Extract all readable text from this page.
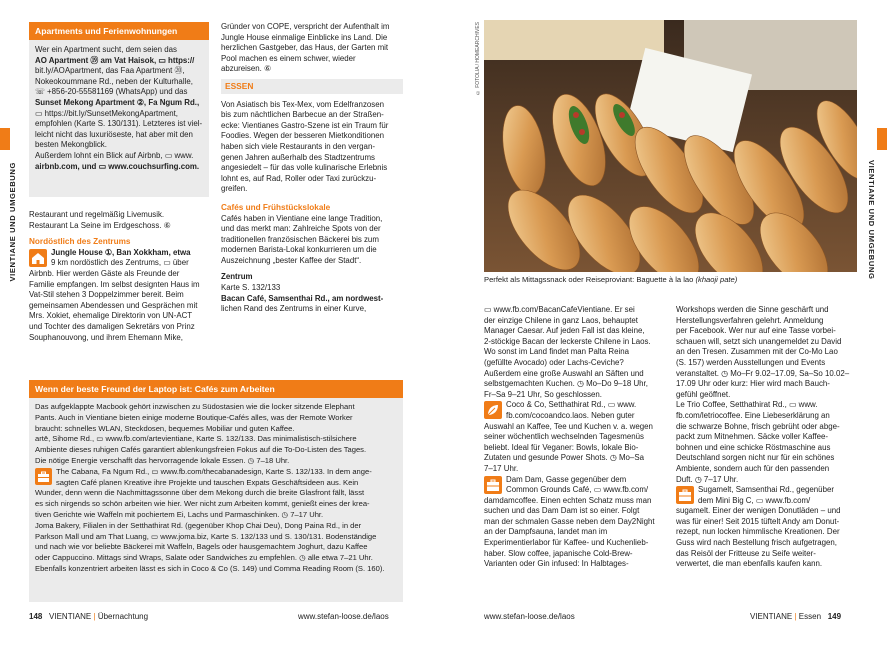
VIENTIANE UND UMGEBUNG
Apartments und Ferienwohnungen

Wer ein Apartment sucht, dem seien das

AO Apartment ⑲ am Vat Haisok, ▭ https://

bit.ly/AOApartment, das Faa Apartment ⑳,

Nokeokoummane Rd., neben der Kulturhalle,

☏ +856-20-55581169 (WhatsApp) und das

Sunset Mekong Apartment ②, Fa Ngum Rd.,

▭ https://bit.ly/SunsetMekongApartment,

empfohlen (Karte S. 130/131). Letzteres ist viel-

leicht nicht das luxuriöseste, hat aber mit den

besten Mekongblick.

Außerdem lohnt ein Blick auf Airbnb, ▭ www.

airbnb.com, und ▭ www.couchsurfing.com.

Restaurant und regelmäßig Livemusik.

Restaurant La Seine im Erdgeschoss. ⑥

Nordöstlich des Zentrums

Jungle House ①, Ban Xokkham, etwa

9 km nordöstlich des Zentrums, ▭ über

Airbnb. Hier werden Gäste als Freunde der

Familie empfangen. Im selbst designten Haus im

Vat-Stil stehen 3 Doppelzimmer bereit. Beim

gemeinsamen Abendessen und Gesprächen mit

Mrs. Xokiet, ehemalige Direktorin von UN-ACT

und Tochter des damaligen Sekretärs von Prinz

Souphanouvong, und ihrem Ehemann Mike,

Gründer von COPE, verspricht der Aufenthalt im

Jungle House einmalige Einblicke ins Land. Die

herzlichen Gastgeber, das Haus, der Garten mit

Pool machen es einem schwer, wieder

abzureisen. ⑥

ESSEN

Von Asiatisch bis Tex-Mex, vom Edelfranzosen

bis zum nächtlichen Barbecue an der Straßen-

ecke: Vientianes Gastro-Szene ist ein Traum für

Foodies. Wegen der besseren Mietkonditionen

haben sich viele Restaurants in den vergan-

genen Jahren außerhalb des Stadtzentrums

angesiedelt – für das volle kulinarische Erlebnis

lohnt es, auf Rad, Roller oder Taxi zurückzu-

greifen.

Cafés und Frühstückslokale

Cafés haben in Vientiane eine lange Tradition,

und das merkt man: Zahlreiche Spots von der

traditionellen französischen Bäckerei bis zum

modernen Barista-Lokal konkurrieren um die

Auszeichnung „bester Kaffee der Stadt“.

Zentrum

Karte S. 132/133

Bacan Café, Samsenthai Rd., am nordwest-

lichen Rand des Zentrums in einer Kurve,

Wenn der beste Freund der Laptop ist: Cafés zum Arbeiten

Das aufgeklappte Macbook gehört inzwischen zu Südostasien wie die locker sitzende Elephant

Pants. Auch in Vientiane bieten einige moderne Boutique-Cafés alles, was der Remote Worker

braucht: schnelles WLAN, Steckdosen, bequemes Mobiliar und guten Kaffee.

artē, Sihome Rd., ▭ www.fb.com/artevientiane, Karte S. 132/133. Das minimalistisch-stilsichere

Ambiente dieses ruhigen Cafés garantiert ablenkungsfreien Fokus auf die To-Do-Listen des Tages.

Die nötige Energie verschafft das hervorragende lokale Essen. ◷ 7–18 Uhr.

The Cabana, Fa Ngum Rd., ▭ www.fb.com/thecabanadesign, Karte S. 132/133. In dem ange-

sagten Café planen Kreative ihre Projekte und tauschen Expats Geschäftsideen aus. Kein

Wunder, denn wenn die Nachmittagssonne über dem Mekong durch die breite Glasfront fällt, lässt

es sich nirgends so schön arbeiten wie hier. Wer nicht zum Arbeiten kommt, genießt eines der krea-

tiven Gerichte wie Waffeln mit pochiertem Ei, Lachs und Parmaschinken. ◷ 7–17 Uhr.

Joma Bakery, Filialen in der Setthathirat Rd. (gegenüber Khop Chai Deu), Dong Paina Rd., in der

Parkson Mall und am That Luang, ▭ www.joma.biz, Karte S. 132/133 und S. 130/131. Bodenständige

und nach wie vor beliebte Bäckerei mit Waffeln, Bagels oder hausgemachtem Joghurt, dazu Kaffee

oder Cappuccino. Mittags sind Wraps, Salate oder Sandwiches zu empfehlen. ◷ alle etwa 7–21 Uhr.

Ebenfalls konzentriert arbeiten lässt es sich in Coco & Co (S. 149) und Comma Reading Room (S. 160).

148 VIENTIANE | Übernachtung	www.stefan-loose.de/laos
VIENTIANE UND UMGEBUNG
© FOTOLIA / HOMEARCHIVES
Perfekt als Mittagssnack oder Reiseproviant: Baguette à la lao (khaoji pate)

▭ www.fb.com/BacanCafeVientiane. Er sei

der einzige Chilene in ganz Laos, behauptet

Manager Caesar. Auf jeden Fall ist das kleine,

2-stöckige Bacan der leckerste Chilene in Laos.

Wo sonst im Land findet man Palta Reina

(gefüllte Avocado) oder Lachs-Ceviche?

Außerdem eine große Auswahl an Säften und

selbstgemachten Kuchen. ◷ Mo–Do 9–18 Uhr,

Fr–Sa 9–21 Uhr, So geschlossen.

Coco & Co, Setthathirat Rd., ▭ www.

fb.com/cocoandco.laos. Neben guter

Auswahl an Kaffee, Tee und Kuchen v. a. wegen

seiner wöchentlich wechselnden Tagesmenüs

beliebt. Ideal für Veganer: Bowls, lokale Bio-

Zutaten und gesunde Power Shots. ◷ Mo–Sa

7–17 Uhr.

Dam Dam, Gasse gegenüber dem

Common Grounds Café, ▭ www.fb.com/

damdamcoffee. Einen echten Schatz muss man

suchen und das Dam Dam ist so einer. Folgt

man der schmalen Gasse neben dem Day2Night

an der Dampfsauna, landet man im

Experimentierlabor für Kaffee- und Kuchenlieb-

haber. Slow coffee, japanische Cold-Brew-

Varianten oder Gin infused: In Halbtages-

Workshops werden die Sinne geschärft und

Herstellungsverfahren gelehrt. Anmeldung

per Facebook. Wer nur auf eine Tasse vorbei-

schauen will, setzt sich unangemeldet zu David

an den Tresen. Zusammen mit der Co-Mo Lao

(S. 157) werden Ausstellungen und Events

veranstaltet. ◷ Mo–Fr 9.02–17.09, Sa–So 10.02–

17.09 Uhr oder kurz: Hier wird mach Bauch-

gefühl geöffnet.

Le Trio Coffee, Setthathirat Rd., ▭ www.

fb.com/letriocoffee. Eine Liebeserklärung an

die schwarze Bohne, frisch gebrüht oder abge-

packt zum Mitnehmen. Säcke voller Kaffee-

bohnen und eine schicke Röstmaschine aus

Deutschland sorgen nicht nur für ein schönes

Ambiente, sondern auch für den passenden

Duft. ◷ 7–17 Uhr.

Sugamelt, Samsenthai Rd., gegenüber

dem Mini Big C, ▭ www.fb.com/

sugamelt. Einer der wenigen Donutläden – und

was für einer! Seit 2015 tüftelt Andy am Donut-

rezept, nun locken himmlische Kreationen. Der

Guss wird nach Bestellung frisch aufgetragen,

das Reisöl der Fritteuse zu Seife weiter-

verwertet, die man ebenfalls kaufen kann.

www.stefan-loose.de/laos	VIENTIANE | Essen 149
